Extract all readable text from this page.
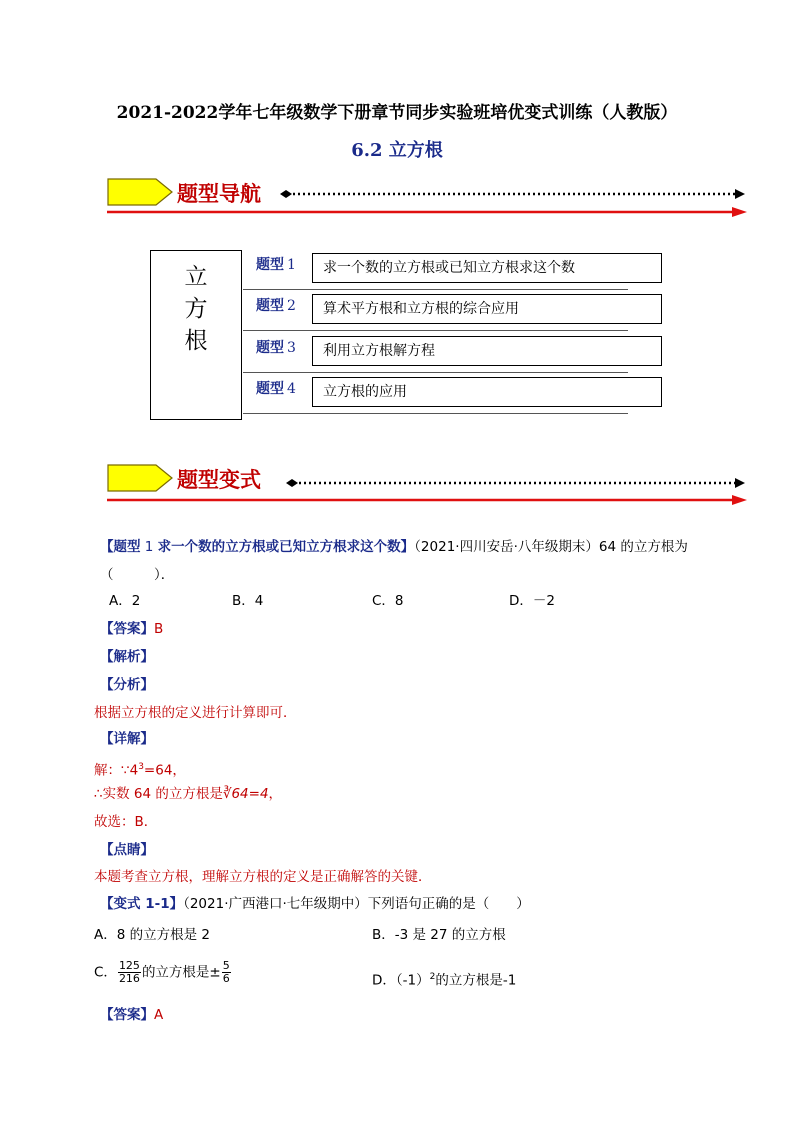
2021-2022学年七年级数学下册章节同步实验班培优变式训练（人教版）
6.2 立方根
题型导航
立
方
根
题型 1	求一个数的立方根或已知立方根求这个数
题型 2	算术平方根和立方根的综合应用
题型 3	利用立方根解方程
题型 4	立方根的应用
题型变式
【题型 1 求一个数的立方根或已知立方根求这个数】（2021·四川安岳·八年级期末）64 的立方根为
（　　　）．
A．2	B．4	C．8	D．－2
【答案】B
【解析】
【分析】
根据立方根的定义进行计算即可．
【详解】
解：$\because 4^3=64$，
∴实数 64 的立方根是∛64=4，
故选：B．
【点睛】
本题考查立方根，理解立方根的定义是正确解答的关键．
【变式 1-1】（2021·广西港口·七年级期中）下列语句正确的是（　　）
A．8 的立方根是 2	B．-3 是 27 的立方根
C． $\frac{125}{216}$ 的立方根是± $\frac{5}{6}$	D．$(-1)^2$的立方根是-1
【答案】A
